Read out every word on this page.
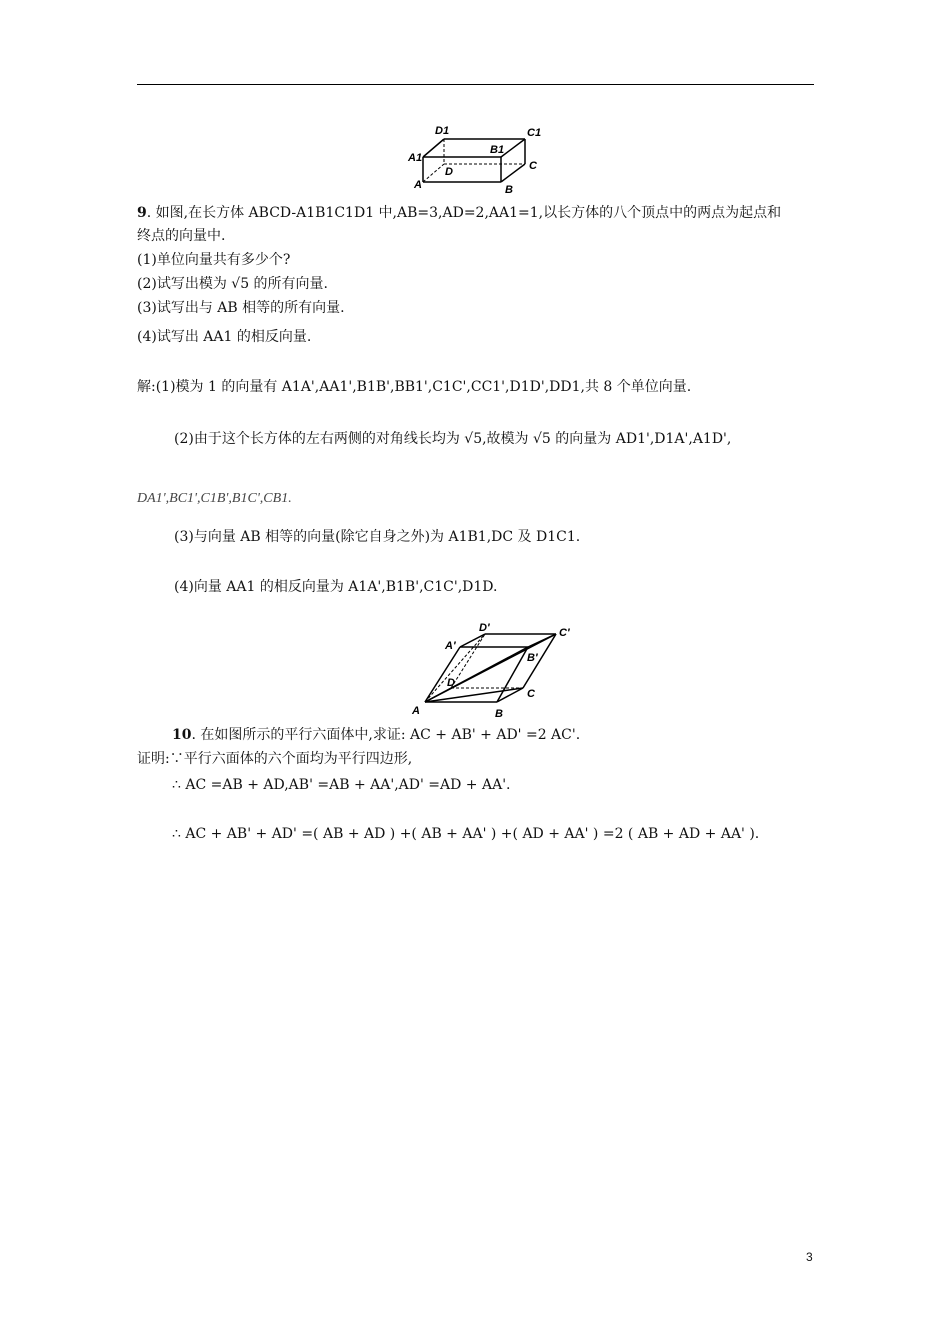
D1	C1
A1
B1
D	C
A	B
9. 如图,在长方体 ABCD-A1B1C1D1 中,AB=3,AD=2,AA1=1,以长方体的八个顶点中的两点为起点和
终点的向量中.
(1)单位向量共有多少个?
(2)试写出模为 √5 的所有向量.
(3)试写出与 AB 相等的所有向量.
(4)试写出 AA1 的相反向量.
解:(1)模为 1 的向量有 A1A',AA1',B1B',BB1',C1C',CC1',D1D',DD1,共 8 个单位向量.
(2)由于这个长方体的左右两侧的对角线长均为 √5,故模为 √5 的向量为 AD1',D1A',A1D',
DA1',BC1',C1B',B1C',CB1.
(3)与向量 AB 相等的向量(除它自身之外)为 A1B1,DC 及 D1C1.
(4)向量 AA1 的相反向量为 A1A',B1B',C1C',D1D.
D′	C′
A′
B′
D
C
A	B
10. 在如图所示的平行六面体中,求证: AC + AB' + AD' =2 AC'.
证明:∵平行六面体的六个面均为平行四边形,
∴ AC =AB + AD,AB' =AB + AA',AD' =AD + AA'.
∴ AC + AB' + AD' =( AB + AD ) +( AB + AA' ) +( AD + AA' ) =2 ( AB + AD + AA' ).
3
